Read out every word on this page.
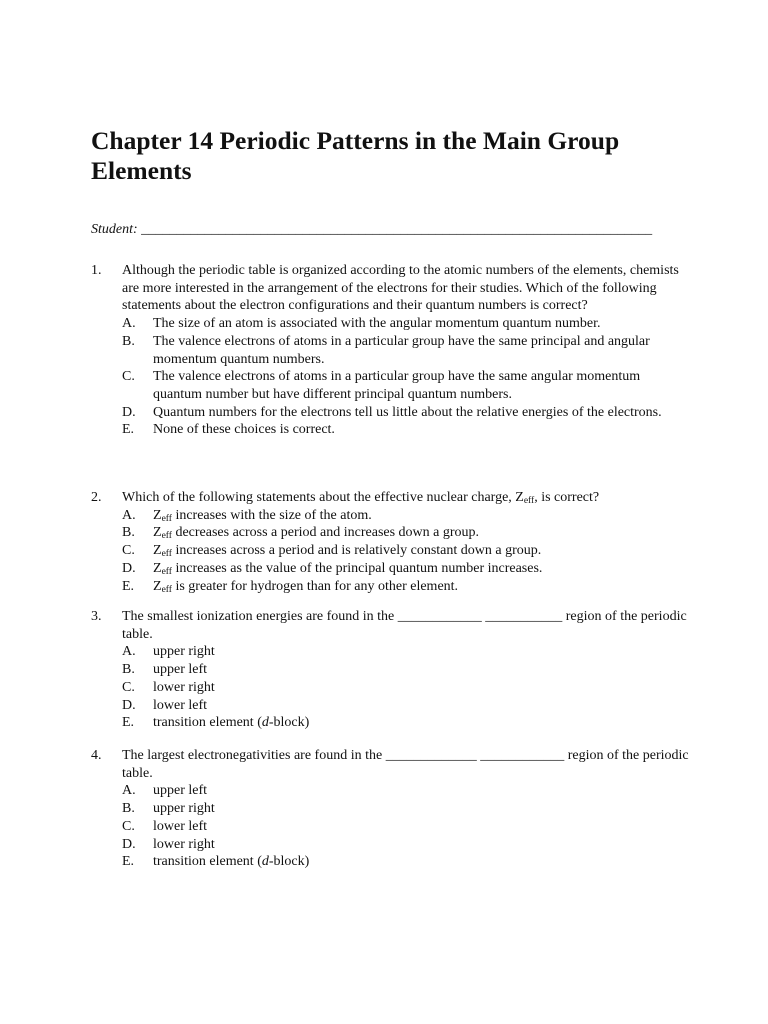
Chapter 14 Periodic Patterns in the Main Group Elements
Student: _________________________________________________________________________
1. Although the periodic table is organized according to the atomic numbers of the elements, chemists are more interested in the arrangement of the electrons for their studies. Which of the following statements about the electron configurations and their quantum numbers is correct?
A. The size of an atom is associated with the angular momentum quantum number.
B. The valence electrons of atoms in a particular group have the same principal and angular momentum quantum numbers.
C. The valence electrons of atoms in a particular group have the same angular momentum quantum number but have different principal quantum numbers.
D. Quantum numbers for the electrons tell us little about the relative energies of the electrons.
E. None of these choices is correct.
2. Which of the following statements about the effective nuclear charge, $Z_{eff}$, is correct?
A. $Z_{eff}$ increases with the size of the atom.
B. $Z_{eff}$ decreases across a period and increases down a group.
C. $Z_{eff}$ increases across a period and is relatively constant down a group.
D. $Z_{eff}$ increases as the value of the principal quantum number increases.
E. $Z_{eff}$ is greater for hydrogen than for any other element.
3. The smallest ionization energies are found in the ____________ ___________ region of the periodic table.
A. upper right
B. upper left
C. lower right
D. lower left
E. transition element (d-block)
4. The largest electronegativities are found in the _____________ ____________ region of the periodic table.
A. upper left
B. upper right
C. lower left
D. lower right
E. transition element (d-block)
